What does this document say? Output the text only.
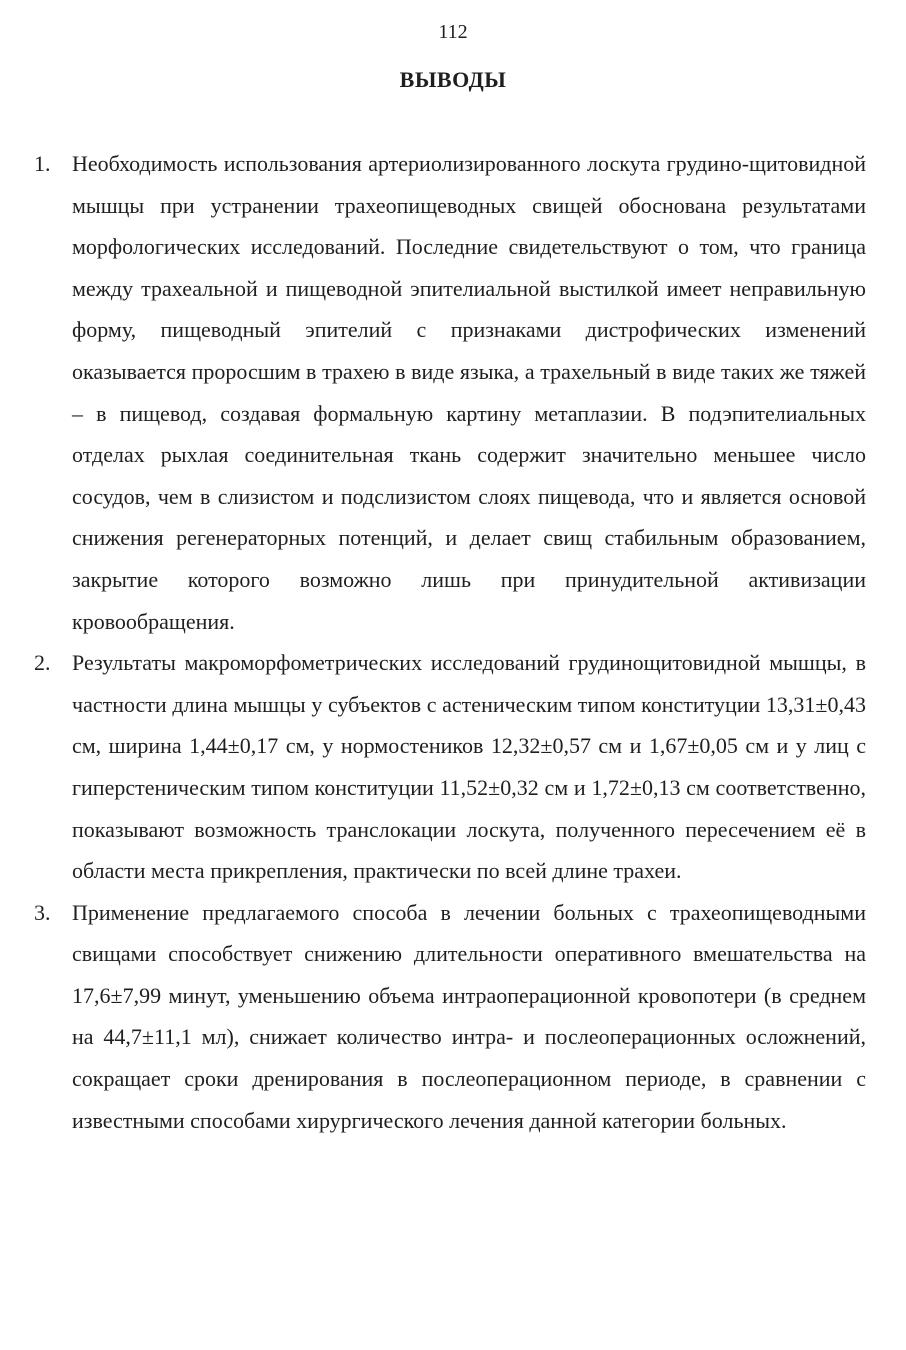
112
ВЫВОДЫ
1. Необходимость использования артериолизированного лоскута грудино-щитовидной мышцы при устранении трахеопищеводных свищей обоснована результатами морфологических исследований. Последние свидетельствуют о том, что граница между трахеальной и пищеводной эпителиальной выстилкой имеет неправильную форму, пищеводный эпителий с признаками дистрофических изменений оказывается проросшим в трахею в виде языка, а трахельный в виде таких же тяжей – в пищевод, создавая формальную картину метаплазии. В подэпителиальных отделах рыхлая соединительная ткань содержит значительно меньшее число сосудов, чем в слизистом и подслизистом слоях пищевода, что и является основой снижения регенераторных потенций, и делает свищ стабильным образованием, закрытие которого возможно лишь при принудительной активизации кровообращения.
2. Результаты макроморфометрических исследований грудинощитовидной мышцы, в частности длина мышцы у субъектов с астеническим типом конституции 13,31±0,43 см, ширина 1,44±0,17 см, у нормостеников 12,32±0,57 см и 1,67±0,05 см и у лиц с гиперстеническим типом конституции 11,52±0,32 см и 1,72±0,13 см соответственно, показывают возможность транслокации лоскута, полученного пересечением её в области места прикрепления, практически по всей длине трахеи.
3. Применение предлагаемого способа в лечении больных с трахеопищеводными свищами способствует снижению длительности оперативного вмешательства на 17,6±7,99 минут, уменьшению объема интраоперационной кровопотери (в среднем на 44,7±11,1 мл), снижает количество интра- и послеоперационных осложнений, сокращает сроки дренирования в послеоперационном периоде, в сравнении с известными способами хирургического лечения данной категории больных.
